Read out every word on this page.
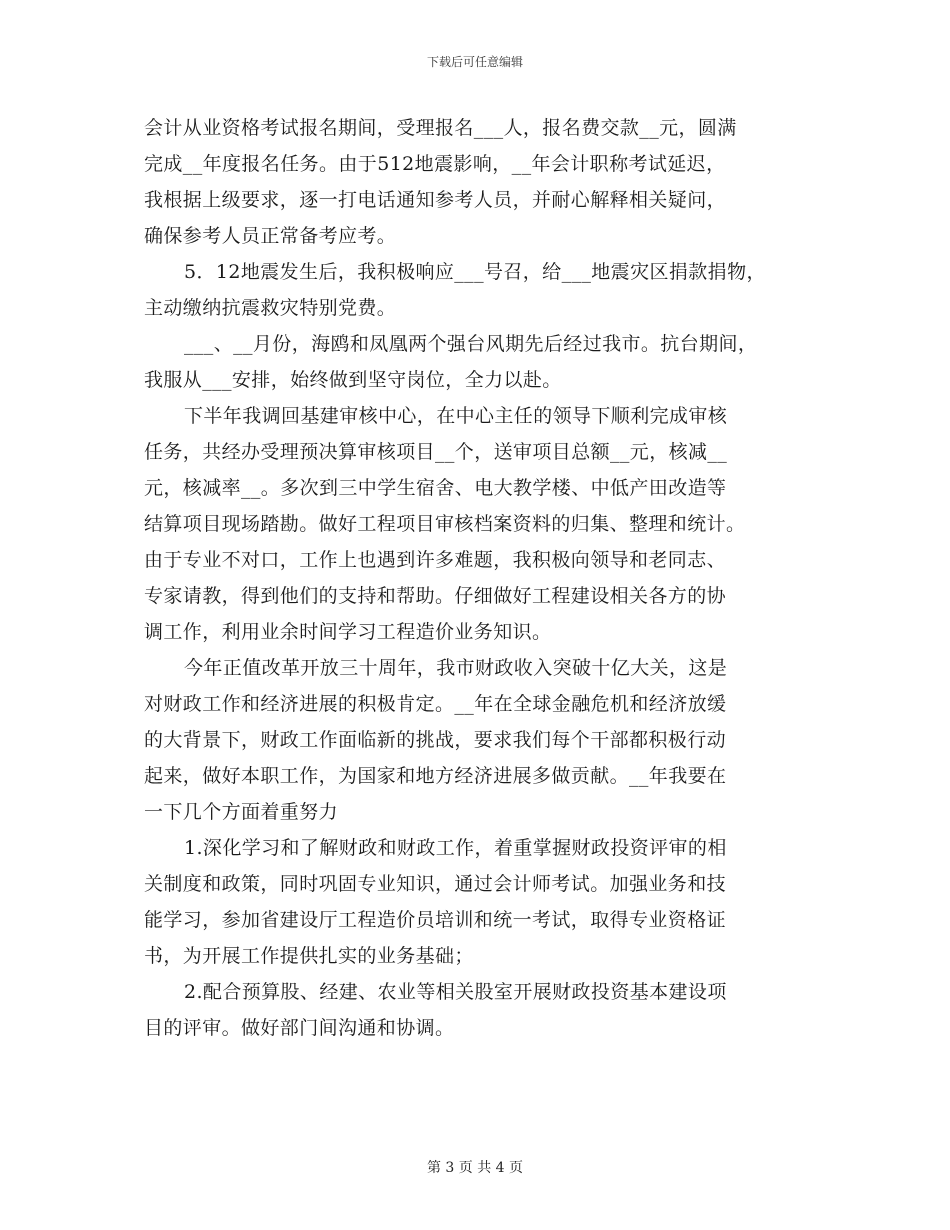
下载后可任意编辑
会计从业资格考试报名期间，受理报名___人，报名费交款__元，圆满
完成__年度报名任务。由于512地震影响，__年会计职称考试延迟，
我根据上级要求，逐一打电话通知参考人员，并耐心解释相关疑问，
确保参考人员正常备考应考。
5．12地震发生后，我积极响应___号召，给___地震灾区捐款捐物，
主动缴纳抗震救灾特别党费。
___、__月份，海鸥和凤凰两个强台风期先后经过我市。抗台期间，
我服从___安排，始终做到坚守岗位，全力以赴。
下半年我调回基建审核中心，在中心主任的领导下顺利完成审核
任务，共经办受理预决算审核项目__个，送审项目总额__元，核减__
元，核减率__。多次到三中学生宿舍、电大教学楼、中低产田改造等
结算项目现场踏勘。做好工程项目审核档案资料的归集、整理和统计。
由于专业不对口，工作上也遇到许多难题，我积极向领导和老同志、
专家请教，得到他们的支持和帮助。仔细做好工程建设相关各方的协
调工作，利用业余时间学习工程造价业务知识。
今年正值改革开放三十周年，我市财政收入突破十亿大关，这是
对财政工作和经济进展的积极肯定。__年在全球金融危机和经济放缓
的大背景下，财政工作面临新的挑战，要求我们每个干部都积极行动
起来，做好本职工作，为国家和地方经济进展多做贡献。__年我要在
一下几个方面着重努力
1.深化学习和了解财政和财政工作，着重掌握财政投资评审的相
关制度和政策，同时巩固专业知识，通过会计师考试。加强业务和技
能学习，参加省建设厅工程造价员培训和统一考试，取得专业资格证
书，为开展工作提供扎实的业务基础；
2.配合预算股、经建、农业等相关股室开展财政投资基本建设项
目的评审。做好部门间沟通和协调。
第 3 页 共 4 页
